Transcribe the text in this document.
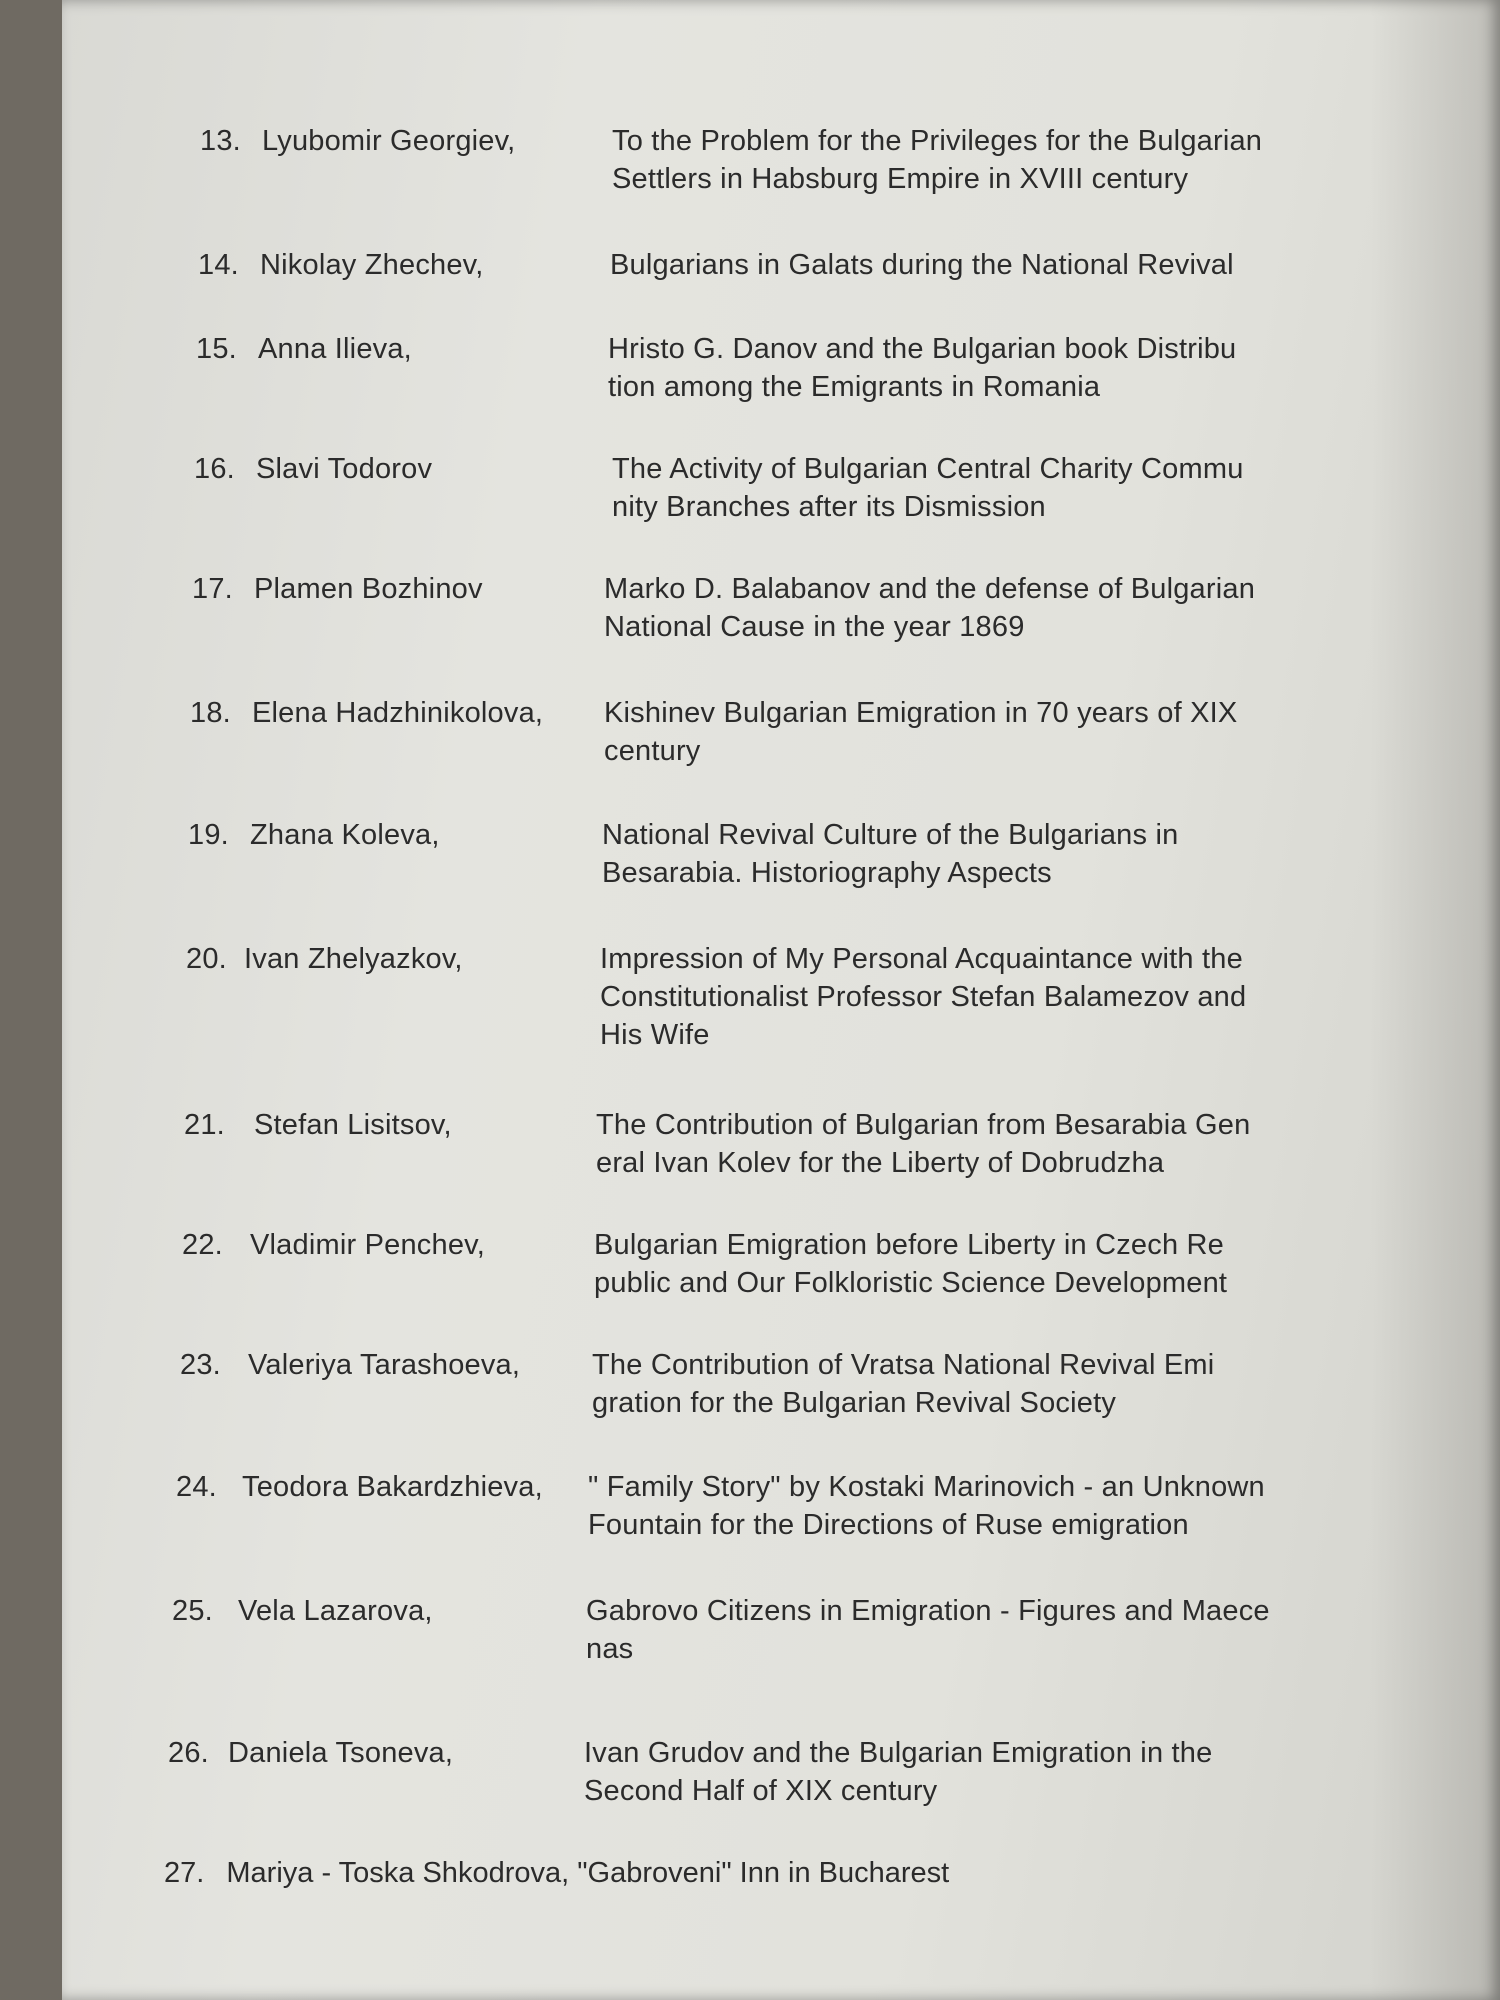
13. Lyubomir Georgiev,	To the Problem for the Privileges for the Bulgarian
Settlers in Habsburg Empire in XVIII century
14. Nikolay Zhechev,	Bulgarians in Galats during the National Revival
15. Anna Ilieva,	Hristo G. Danov and the Bulgarian book Distribu
tion among the Emigrants in Romania
16. Slavi Todorov	The Activity of Bulgarian Central Charity Commu
nity Branches after its Dismission
17. Plamen Bozhinov	Marko D. Balabanov and the defense of Bulgarian
National Cause in the year 1869
18. Elena Hadzhinikolova, Kishinev Bulgarian Emigration in 70 years of XIX
century
19. Zhana Koleva,	National Revival Culture of the Bulgarians in
Besarabia. Historiography Aspects
20. Ivan Zhelyazkov,	Impression of My Personal Acquaintance with the
Constitutionalist Professor Stefan Balamezov and
His Wife
21. Stefan Lisitsov,	The Contribution of Bulgarian from Besarabia Gen
eral Ivan Kolev for the Liberty of Dobrudzha
22. Vladimir Penchev,	Bulgarian Emigration before Liberty in Czech Re
public and Our Folkloristic Science Development
23. Valeriya Tarashoeva, The Contribution of Vratsa National Revival Emi
gration for the Bulgarian Revival Society
24. Teodora Bakardzhieva, " Family Story" by Kostaki Marinovich - an Unknown
Fountain for the Directions of Ruse emigration
25. Vela Lazarova,	Gabrovo Citizens in Emigration - Figures and Maece
nas
26. Daniela Tsoneva,	Ivan Grudov and the Bulgarian Emigration in the
Second Half of XIX century
27. Mariya - Toska Shkodrova, "Gabroveni" Inn in Bucharest
